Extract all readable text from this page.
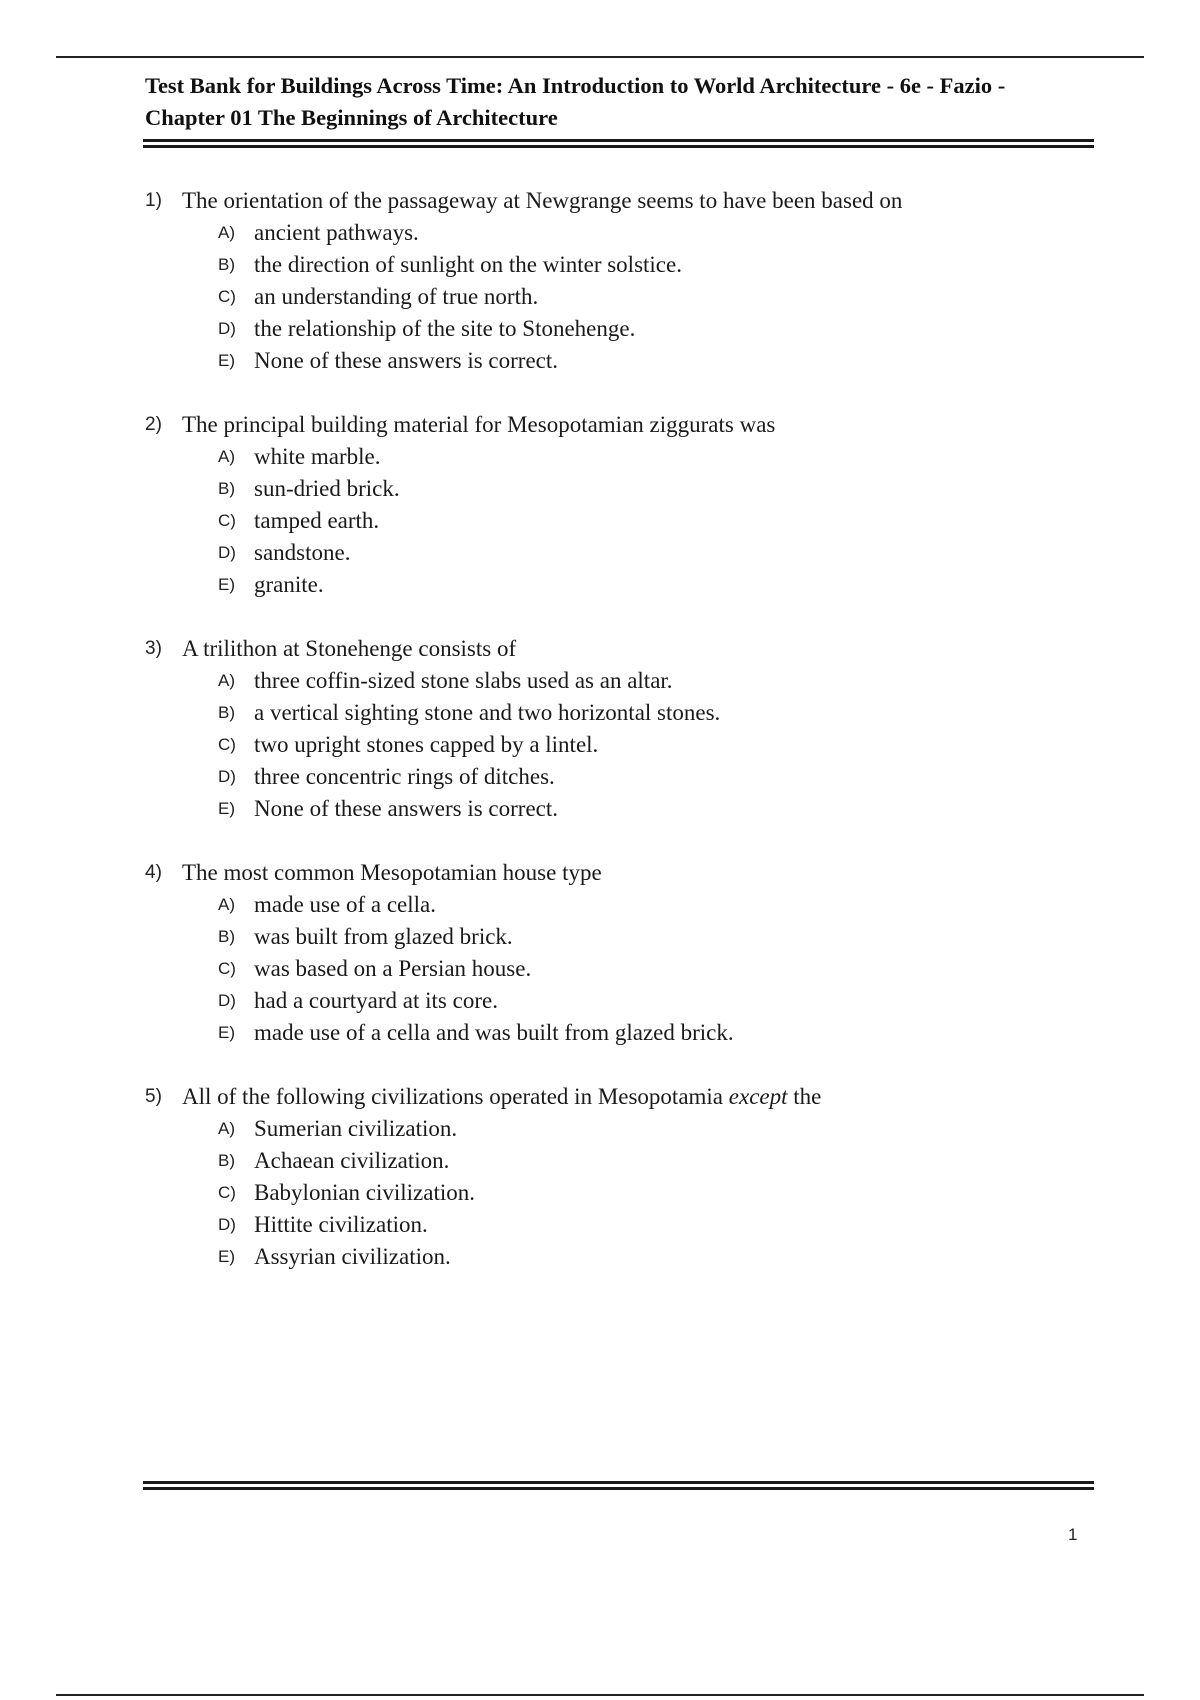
Test Bank for Buildings Across Time: An Introduction to World Architecture - 6e - Fazio -
Chapter 01 The Beginnings of Architecture
1) The orientation of the passageway at Newgrange seems to have been based on
A) ancient pathways.
B) the direction of sunlight on the winter solstice.
C) an understanding of true north.
D) the relationship of the site to Stonehenge.
E) None of these answers is correct.
2) The principal building material for Mesopotamian ziggurats was
A) white marble.
B) sun-dried brick.
C) tamped earth.
D) sandstone.
E) granite.
3) A trilithon at Stonehenge consists of
A) three coffin-sized stone slabs used as an altar.
B) a vertical sighting stone and two horizontal stones.
C) two upright stones capped by a lintel.
D) three concentric rings of ditches.
E) None of these answers is correct.
4) The most common Mesopotamian house type
A) made use of a cella.
B) was built from glazed brick.
C) was based on a Persian house.
D) had a courtyard at its core.
E) made use of a cella and was built from glazed brick.
5) All of the following civilizations operated in Mesopotamia except the
A) Sumerian civilization.
B) Achaean civilization.
C) Babylonian civilization.
D) Hittite civilization.
E) Assyrian civilization.
1
